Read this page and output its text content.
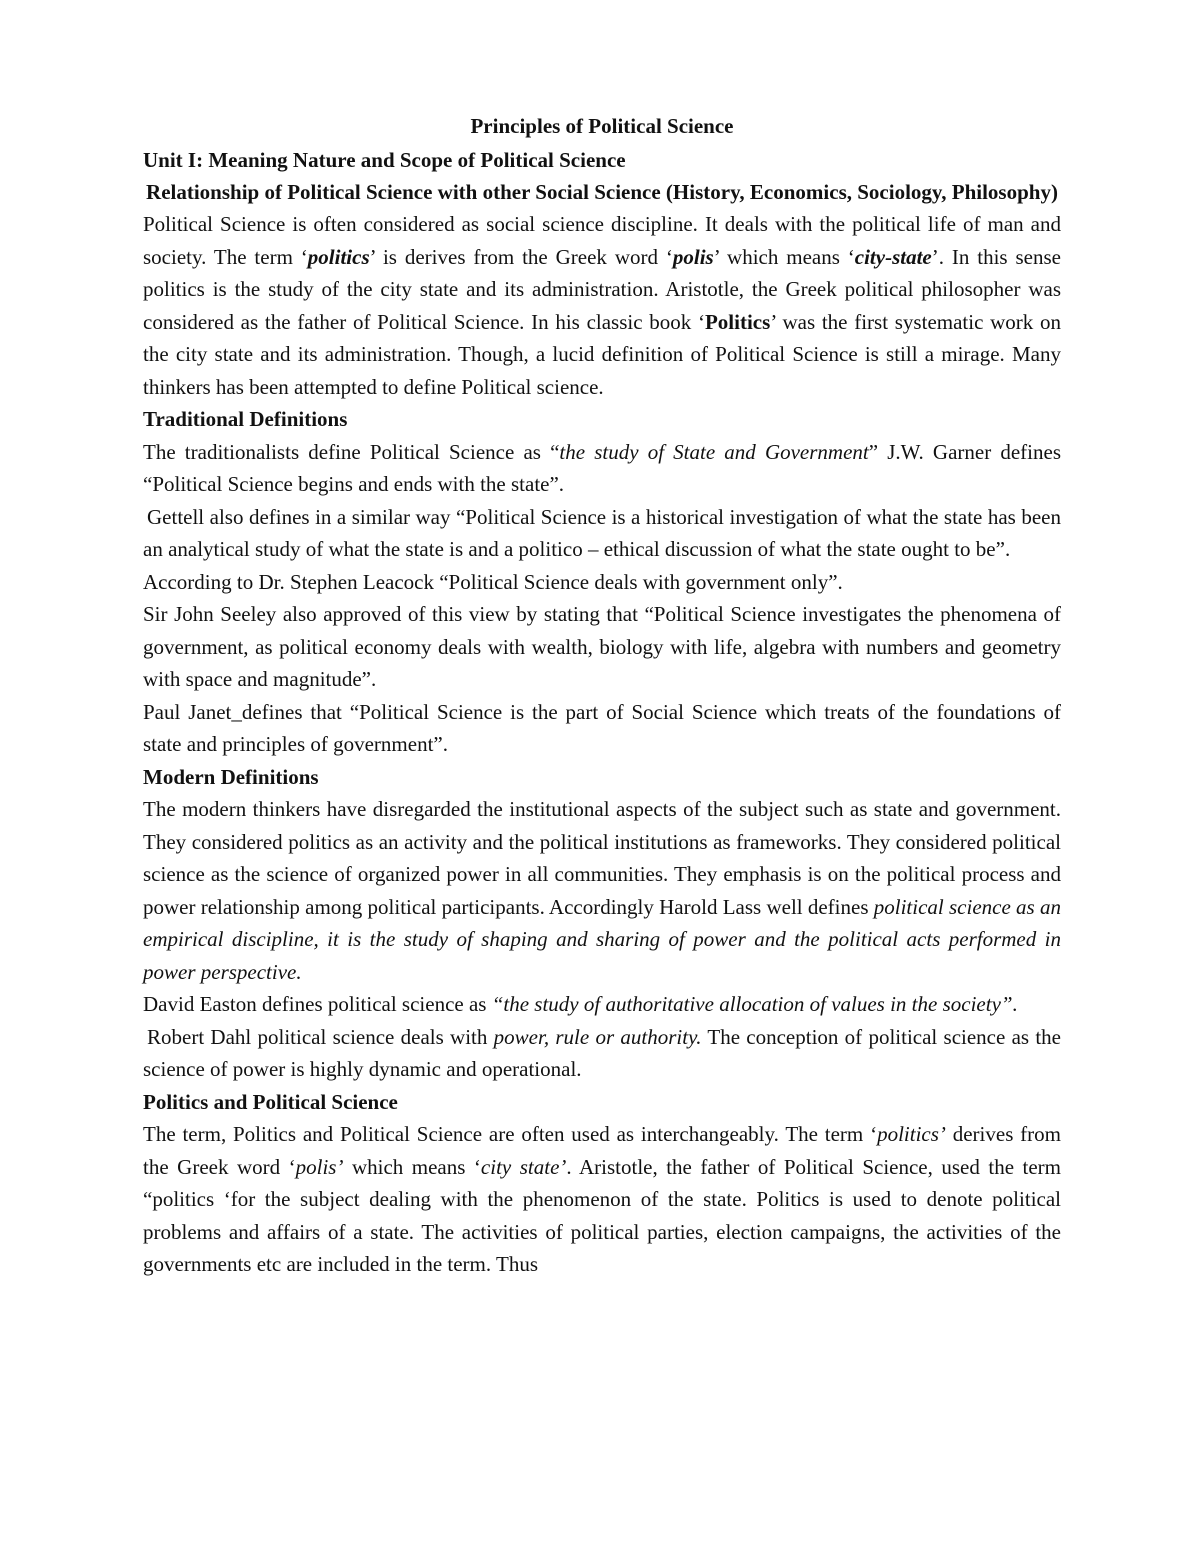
Principles of Political Science
Unit I: Meaning Nature and Scope of Political Science
Relationship of Political Science with other Social Science (History, Economics, Sociology, Philosophy)

Political Science is often considered as social science discipline. It deals with the political life of man and society. The term ‘politics’ is derives from the Greek word ‘polis’ which means ‘city-state’. In this sense politics is the study of the city state and its administration. Aristotle, the Greek political philosopher was considered as the father of Political Science. In his classic book ‘Politics’ was the first systematic work on the city state and its administration. Though, a lucid definition of Political Science is still a mirage. Many thinkers has been attempted to define Political science.

Traditional Definitions

The traditionalists define Political Science as “the study of State and Government” J.W. Garner defines “Political Science begins and ends with the state”.

Gettell also defines in a similar way “Political Science is a historical investigation of what the state has been an analytical study of what the state is and a politico – ethical discussion of what the state ought to be”.

According to Dr. Stephen Leacock “Political Science deals with government only”.

Sir John Seeley also approved of this view by stating that “Political Science investigates the phenomena of government, as political economy deals with wealth, biology with life, algebra with numbers and geometry with space and magnitude”.

Paul Janet_defines that “Political Science is the part of Social Science which treats of the foundations of state and principles of government”.

Modern Definitions

The modern thinkers have disregarded the institutional aspects of the subject such as state and government. They considered politics as an activity and the political institutions as frameworks. They considered political science as the science of organized power in all communities. They emphasis is on the political process and power relationship among political participants. Accordingly Harold Lass well defines political science as an empirical discipline, it is the study of shaping and sharing of power and the political acts performed in power perspective.

David Easton defines political science as “the study of authoritative allocation of values in the society”.

Robert Dahl political science deals with power, rule or authority. The conception of political science as the science of power is highly dynamic and operational.

Politics and Political Science

The term, Politics and Political Science are often used as interchangeably. The term ‘politics’ derives from the Greek word ‘polis’ which means ‘city state’. Aristotle, the father of Political Science, used the term “politics ‘for the subject dealing with the phenomenon of the state. Politics is used to denote political problems and affairs of a state. The activities of political parties, election campaigns, the activities of the governments etc are included in the term. Thus
